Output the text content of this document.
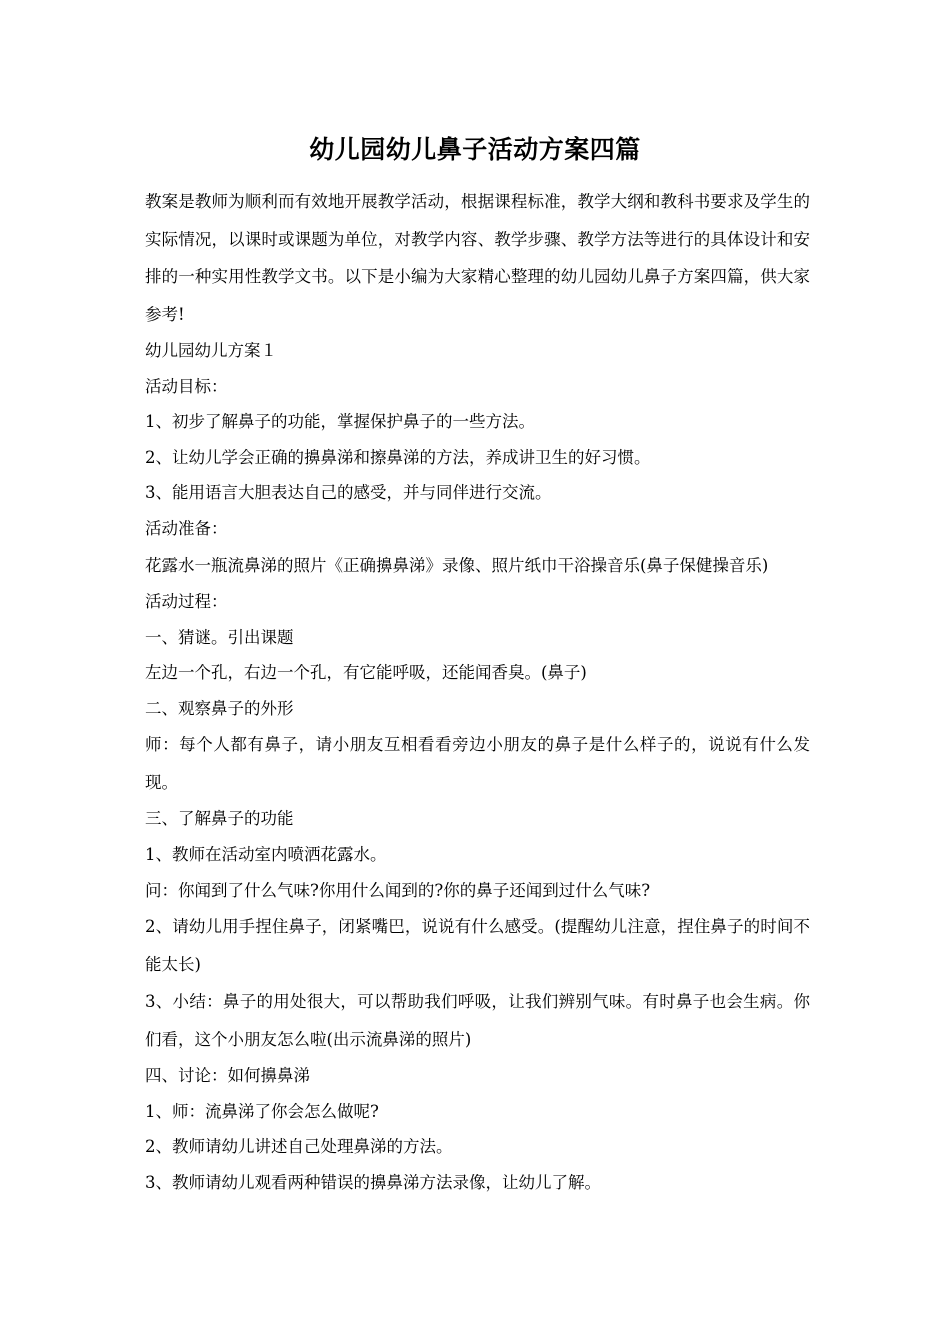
幼儿园幼儿鼻子活动方案四篇

教案是教师为顺利而有效地开展教学活动，根据课程标准，教学大纲和教科书要求及学生的实际情况，以课时或课题为单位，对教学内容、教学步骤、教学方法等进行的具体设计和安排的一种实用性教学文书。以下是小编为大家精心整理的幼儿园幼儿鼻子方案四篇，供大家参考!

幼儿园幼儿方案１

活动目标：

1、初步了解鼻子的功能，掌握保护鼻子的一些方法。

2、让幼儿学会正确的擤鼻涕和擦鼻涕的方法，养成讲卫生的好习惯。

3、能用语言大胆表达自己的感受，并与同伴进行交流。

活动准备：

花露水一瓶流鼻涕的照片《正确擤鼻涕》录像、照片纸巾干浴操音乐(鼻子保健操音乐)

活动过程：

一、猜谜。引出课题

左边一个孔，右边一个孔，有它能呼吸，还能闻香臭。(鼻子)

二、观察鼻子的外形

师：每个人都有鼻子，请小朋友互相看看旁边小朋友的鼻子是什么样子的，说说有什么发现。

三、了解鼻子的功能

1、教师在活动室内喷洒花露水。

问：你闻到了什么气味?你用什么闻到的?你的鼻子还闻到过什么气味?

2、请幼儿用手捏住鼻子，闭紧嘴巴，说说有什么感受。(提醒幼儿注意，捏住鼻子的时间不能太长)

3、小结：鼻子的用处很大，可以帮助我们呼吸，让我们辨别气味。有时鼻子也会生病。你们看，这个小朋友怎么啦(出示流鼻涕的照片)

四、讨论：如何擤鼻涕

1、师：流鼻涕了你会怎么做呢?

2、教师请幼儿讲述自己处理鼻涕的方法。

3、教师请幼儿观看两种错误的擤鼻涕方法录像，让幼儿了解。
